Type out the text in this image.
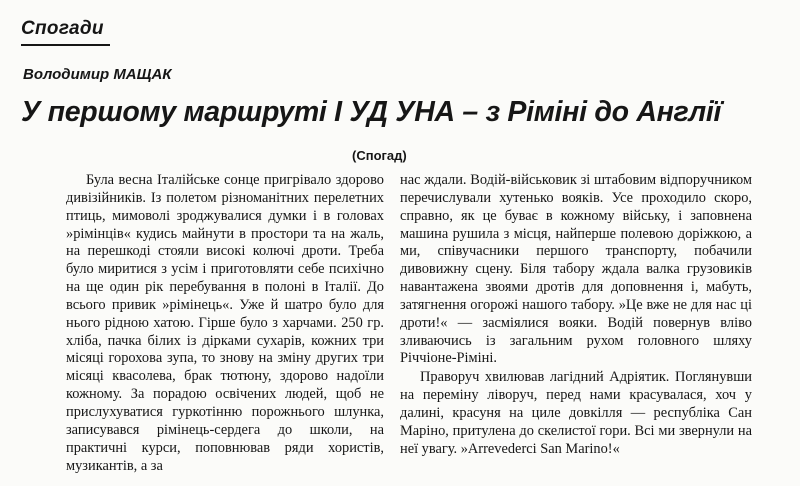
Спогади
Володимир МАЩАК
У першому маршруті І УД УНА – з Ріміні до Англії
(Спогад)

Була весна Італійське сонце пригрівало здорово дивізійників. Із полетом різноманітних перелетних птиць, мимоволі зроджувалися думки і в головах »рімінців« кудись майнути в простори та на жаль, на перешкоді стояли високі колючі дроти. Треба було миритися з усім і приготовляти себе психічно на ще один рік перебування в полоні в Італії. До всього привик »рімінець«. Уже й шатро було для нього рідною хатою. Гірше було з харчами. 250 гр. хліба, пачка білих із дірками сухарів, кожних три місяці гороховa зупа, то знову на зміну других три місяці квасолева, брак тютюну, здорово надоїли кожному. За порадою освічених людей, щоб не прислухуватися гуркотінню порожнього шлунка, записувався рімінець-сердега до школи, на практичні курси, поповнював ряди хористів, музикантів, а за

нас ждали. Водій-військовик зі штабовим відпоручником перечислували хутенько вояків. Усе проходило скоро, справно, як це буває в кожному війську, і заповнена машина рушила з місця, найперше полевою доріжкою, а ми, співучасники першого транспорту, побачили дивовижну сцену. Біля табору ждала валка грузовиків навантажена звоями дротів для доповнення і, мабуть, затягнення огорожі нашого табору. »Це вже не для нас ці дроти!« — засміялися вояки. Водій повернув вліво зливаючись із загальним рухом головного шляху Річчіоне-Ріміні.

Праворуч хвилював лагідний Адріятик. Поглянувши на переміну ліворуч, перед нами красувалася, хоч у далині, красуня на циле довкілля — республіка Сан Маріно, притулена до скелистої гори. Всі ми звернули на неї увагу. »Arrevedercі San Marino!«
